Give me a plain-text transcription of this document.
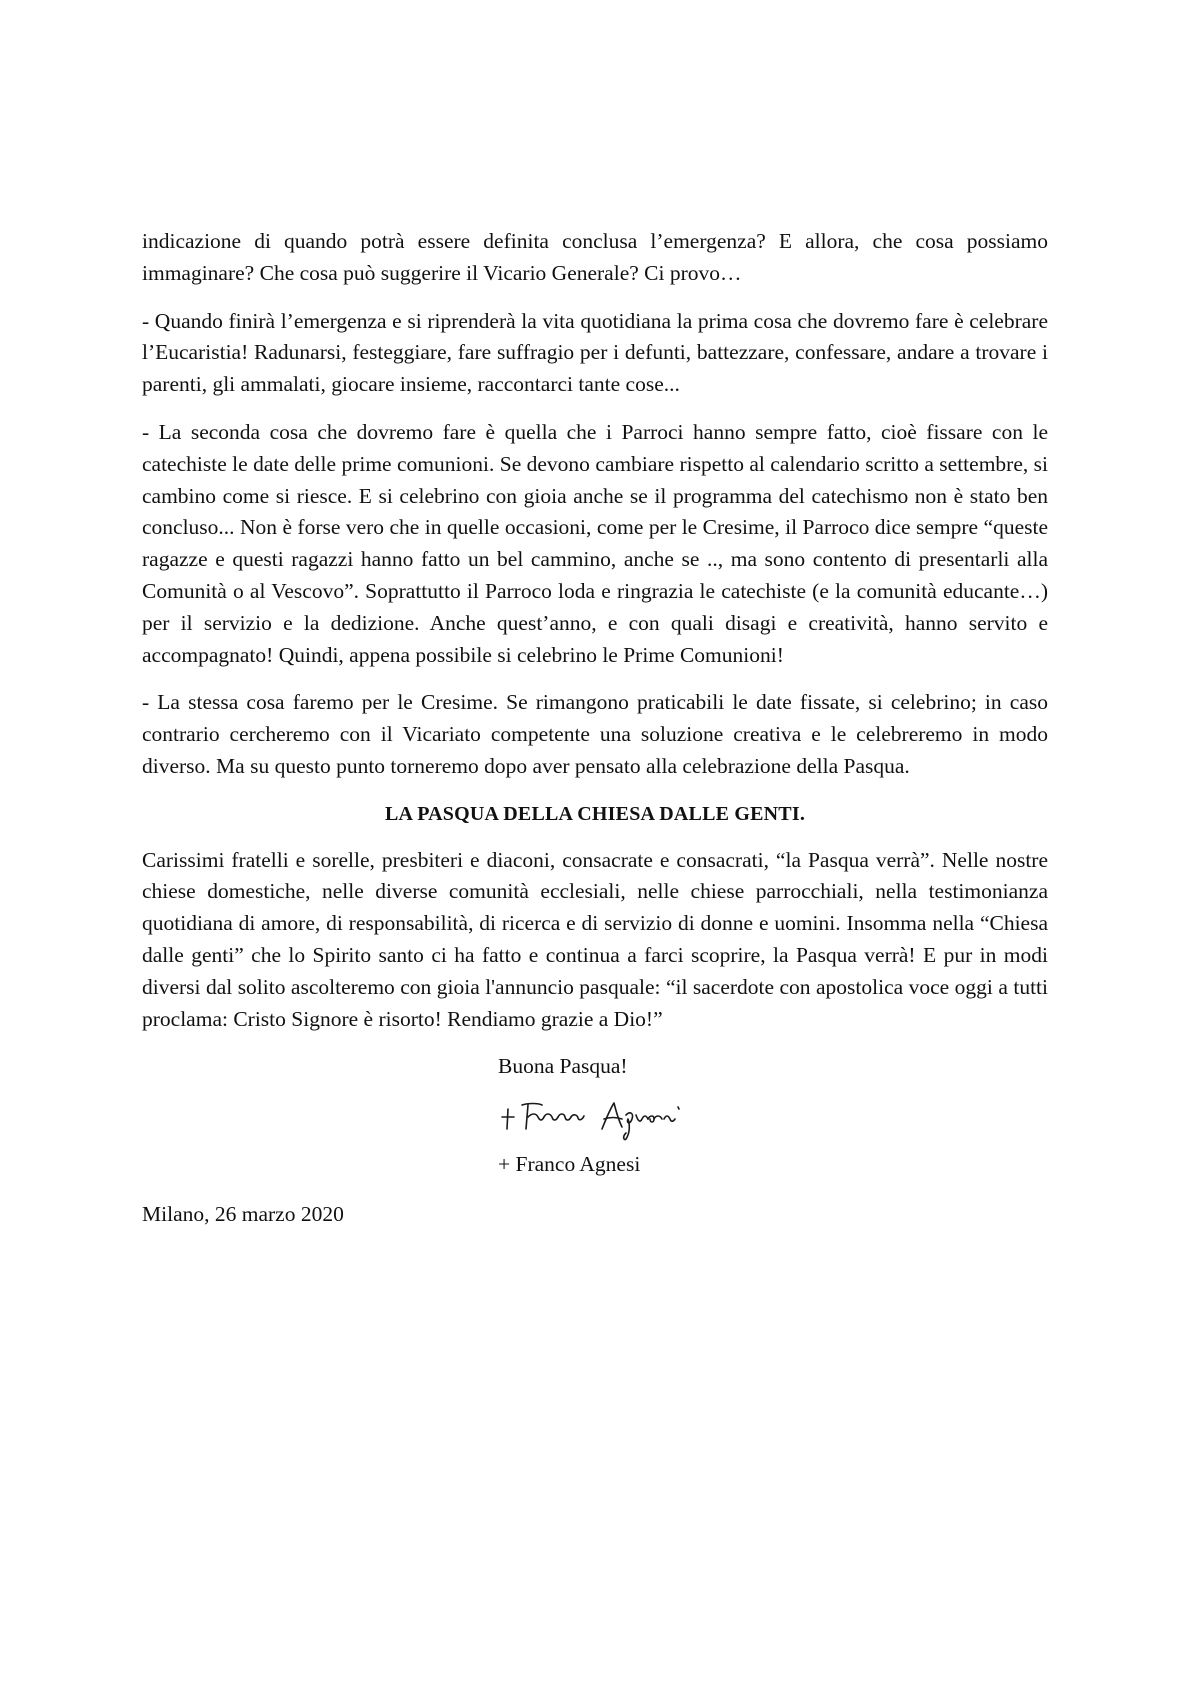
indicazione di quando potrà essere definita conclusa l’emergenza? E allora, che cosa possiamo immaginare? Che cosa può suggerire il Vicario Generale? Ci provo…

- Quando finirà l’emergenza e si riprenderà la vita quotidiana la prima cosa che dovremo fare è celebrare l’Eucaristia! Radunarsi, festeggiare, fare suffragio per i defunti, battezzare, confessare, andare a trovare i parenti, gli ammalati, giocare insieme, raccontarci tante cose...

- La seconda cosa che dovremo fare è quella che i Parroci hanno sempre fatto, cioè fissare con le catechiste le date delle prime comunioni. Se devono cambiare rispetto al calendario scritto a settembre, si cambino come si riesce. E si celebrino con gioia anche se il programma del catechismo non è stato ben concluso... Non è forse vero che in quelle occasioni, come per le Cresime, il Parroco dice sempre “queste ragazze e questi ragazzi hanno fatto un bel cammino, anche se .., ma sono contento di presentarli alla Comunità o al Vescovo”. Soprattutto il Parroco loda e ringrazia le catechiste (e la comunità educante…) per il servizio e la dedizione. Anche quest’anno, e con quali disagi e creatività, hanno servito e accompagnato! Quindi, appena possibile si celebrino le Prime Comunioni!

- La stessa cosa faremo per le Cresime. Se rimangono praticabili le date fissate, si celebrino; in caso contrario cercheremo con il Vicariato competente una soluzione creativa e le celebreremo in modo diverso. Ma su questo punto torneremo dopo aver pensato alla celebrazione della Pasqua.

LA PASQUA DELLA CHIESA DALLE GENTI.

Carissimi fratelli e sorelle, presbiteri e diaconi, consacrate e consacrati, “la Pasqua verrà”. Nelle nostre chiese domestiche, nelle diverse comunità ecclesiali, nelle chiese parrocchiali, nella testimonianza quotidiana di amore, di responsabilità, di ricerca e di servizio di donne e uomini. Insomma nella “Chiesa dalle genti” che lo Spirito santo ci ha fatto e continua a farci scoprire, la Pasqua verrà! E pur in modi diversi dal solito ascolteremo con gioia l'annuncio pasquale: “il sacerdote con apostolica voce oggi a tutti proclama: Cristo Signore è risorto! Rendiamo grazie a Dio!”

Buona Pasqua!

+ Franco Agnesi

Milano, 26 marzo 2020
